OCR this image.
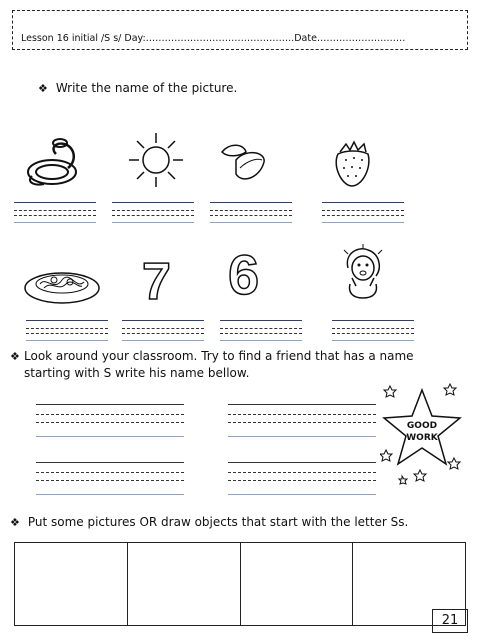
Lesson 16 initial /S s/ Day:………………………………………..Date………………….……
❖ Write the name of the picture.
7 6
❖ Look around your classroom. Try to find a friend that has a name
starting with S write his name bellow.
GOOD
WORK
❖ Put some pictures OR draw objects that start with the letter Ss.
21
